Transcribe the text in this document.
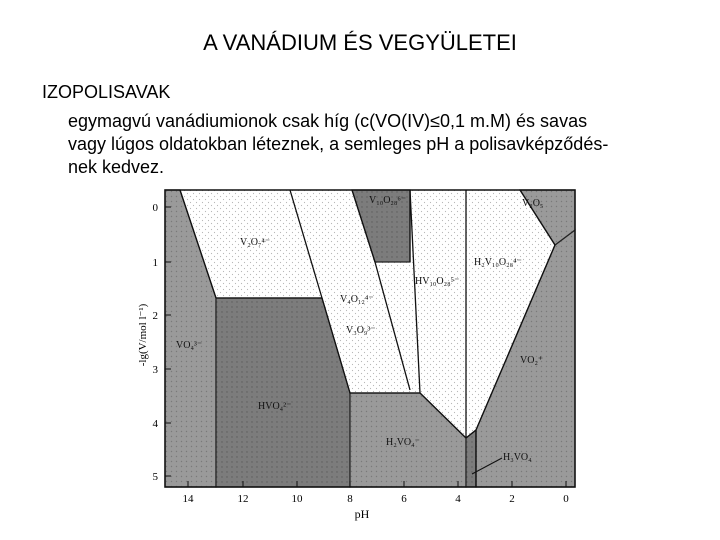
A VANÁDIUM ÉS VEGYÜLETEI
IZOPOLISAVAK
egymagvú vanádiumionok csak híg (c(VO(IV)≤0,1 m.M) és savas
vagy lúgos oldatokban léteznek, a semleges pH a polisavképződés-
nek kedvez.
0
1
2
3
4
5
14	12	10	8	6	4	2	0
pH
-lg(V/mol l⁻¹)
V₁₀O₂₈⁶⁻	V₂O₅
V₂O₇⁴⁻
H₂V₁₀O₂₈⁴⁻
HV₁₀O₂₈⁵⁻
V₄O₁₂⁴⁻
V₃O₉³⁻
VO₄³⁻
VO₂⁺
HVO₄²⁻
H₂VO₄⁻
H₃VO₄
